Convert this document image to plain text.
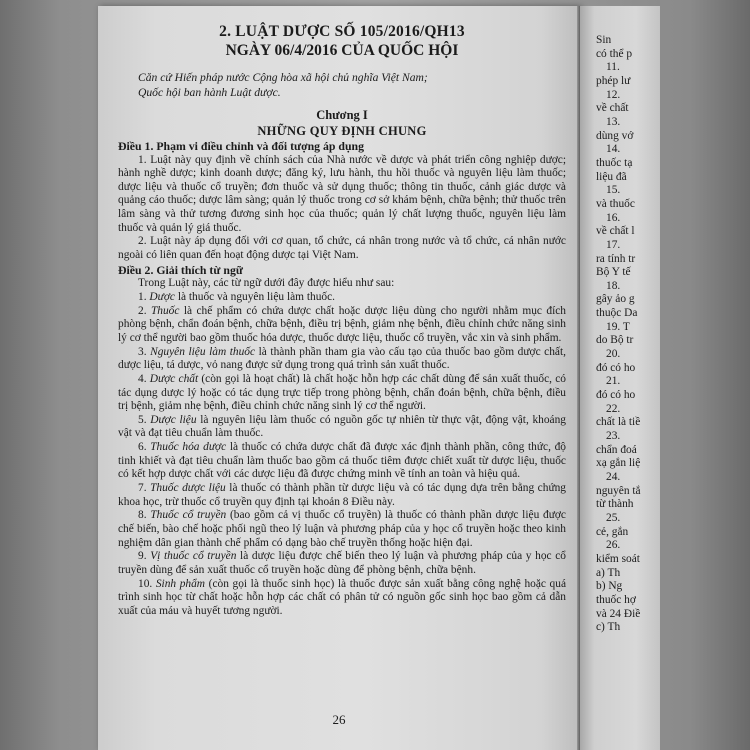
2. LUẬT DƯỢC SỐ 105/2016/QH13
NGÀY 06/4/2016 CỦA QUỐC HỘI
Căn cứ Hiến pháp nước Cộng hòa xã hội chủ nghĩa Việt Nam;
Quốc hội ban hành Luật dược.
Chương I
NHỮNG QUY ĐỊNH CHUNG
Điều 1. Phạm vi điều chỉnh và đối tượng áp dụng

1. Luật này quy định về chính sách của Nhà nước về dược và phát triển công nghiệp dược; hành nghề dược; kinh doanh dược; đăng ký, lưu hành, thu hồi thuốc và nguyên liệu làm thuốc; dược liệu và thuốc cổ truyền; đơn thuốc và sử dụng thuốc; thông tin thuốc, cảnh giác dược và quảng cáo thuốc; dược lâm sàng; quản lý thuốc trong cơ sở khám bệnh, chữa bệnh; thử thuốc trên lâm sàng và thử tương đương sinh học của thuốc; quản lý chất lượng thuốc, nguyên liệu làm thuốc và quản lý giá thuốc.

2. Luật này áp dụng đối với cơ quan, tổ chức, cá nhân trong nước và tổ chức, cá nhân nước ngoài có liên quan đến hoạt động dược tại Việt Nam.

Điều 2. Giải thích từ ngữ

Trong Luật này, các từ ngữ dưới đây được hiểu như sau:

1. Dược là thuốc và nguyên liệu làm thuốc.

2. Thuốc là chế phẩm có chứa dược chất hoặc dược liệu dùng cho người nhằm mục đích phòng bệnh, chẩn đoán bệnh, chữa bệnh, điều trị bệnh, giảm nhẹ bệnh, điều chỉnh chức năng sinh lý cơ thể người bao gồm thuốc hóa dược, thuốc dược liệu, thuốc cổ truyền, vắc xin và sinh phẩm.

3. Nguyên liệu làm thuốc là thành phần tham gia vào cấu tạo của thuốc bao gồm dược chất, dược liệu, tá dược, vỏ nang được sử dụng trong quá trình sản xuất thuốc.

4. Dược chất (còn gọi là hoạt chất) là chất hoặc hỗn hợp các chất dùng để sản xuất thuốc, có tác dụng dược lý hoặc có tác dụng trực tiếp trong phòng bệnh, chẩn đoán bệnh, chữa bệnh, điều trị bệnh, giảm nhẹ bệnh, điều chỉnh chức năng sinh lý cơ thể người.

5. Dược liệu là nguyên liệu làm thuốc có nguồn gốc tự nhiên từ thực vật, động vật, khoáng vật và đạt tiêu chuẩn làm thuốc.

6. Thuốc hóa dược là thuốc có chứa dược chất đã được xác định thành phần, công thức, độ tinh khiết và đạt tiêu chuẩn làm thuốc bao gồm cả thuốc tiêm được chiết xuất từ dược liệu, thuốc có kết hợp dược chất với các dược liệu đã được chứng minh về tính an toàn và hiệu quả.

7. Thuốc dược liệu là thuốc có thành phần từ dược liệu và có tác dụng dựa trên bằng chứng khoa học, trừ thuốc cổ truyền quy định tại khoản 8 Điều này.

8. Thuốc cổ truyền (bao gồm cả vị thuốc cổ truyền) là thuốc có thành phần dược liệu được chế biến, bào chế hoặc phối ngũ theo lý luận và phương pháp của y học cổ truyền hoặc theo kinh nghiệm dân gian thành chế phẩm có dạng bào chế truyền thống hoặc hiện đại.

9. Vị thuốc cổ truyền là dược liệu được chế biến theo lý luận và phương pháp của y học cổ truyền dùng để sản xuất thuốc cổ truyền hoặc dùng để phòng bệnh, chữa bệnh.

10. Sinh phẩm (còn gọi là thuốc sinh học) là thuốc được sản xuất bằng công nghệ hoặc quá trình sinh học từ chất hoặc hỗn hợp các chất có phân tử có nguồn gốc sinh học bao gồm cả dẫn xuất của máu và huyết tương người.

26
Sin
có thể p
11.
phép lư
12.
về chất
13.
dùng vớ
14.
thuốc tạ
liệu đã
15.
và thuốc
16.
về chất l
17.
ra tính tr
Bộ Y tế
18.
gây ảo g
thuộc Da
19. T
do Bộ tr
20.
đó có ho
21.
đó có ho
22.
chất là tiề
23.
chẩn đoá
xạ gắn liệ
24.
nguyên tắ
từ thành
25.
cẻ, gắn
26.
kiểm soát
a) Th
b) Ng
thuốc hợ
và 24 Điề
c) Th
